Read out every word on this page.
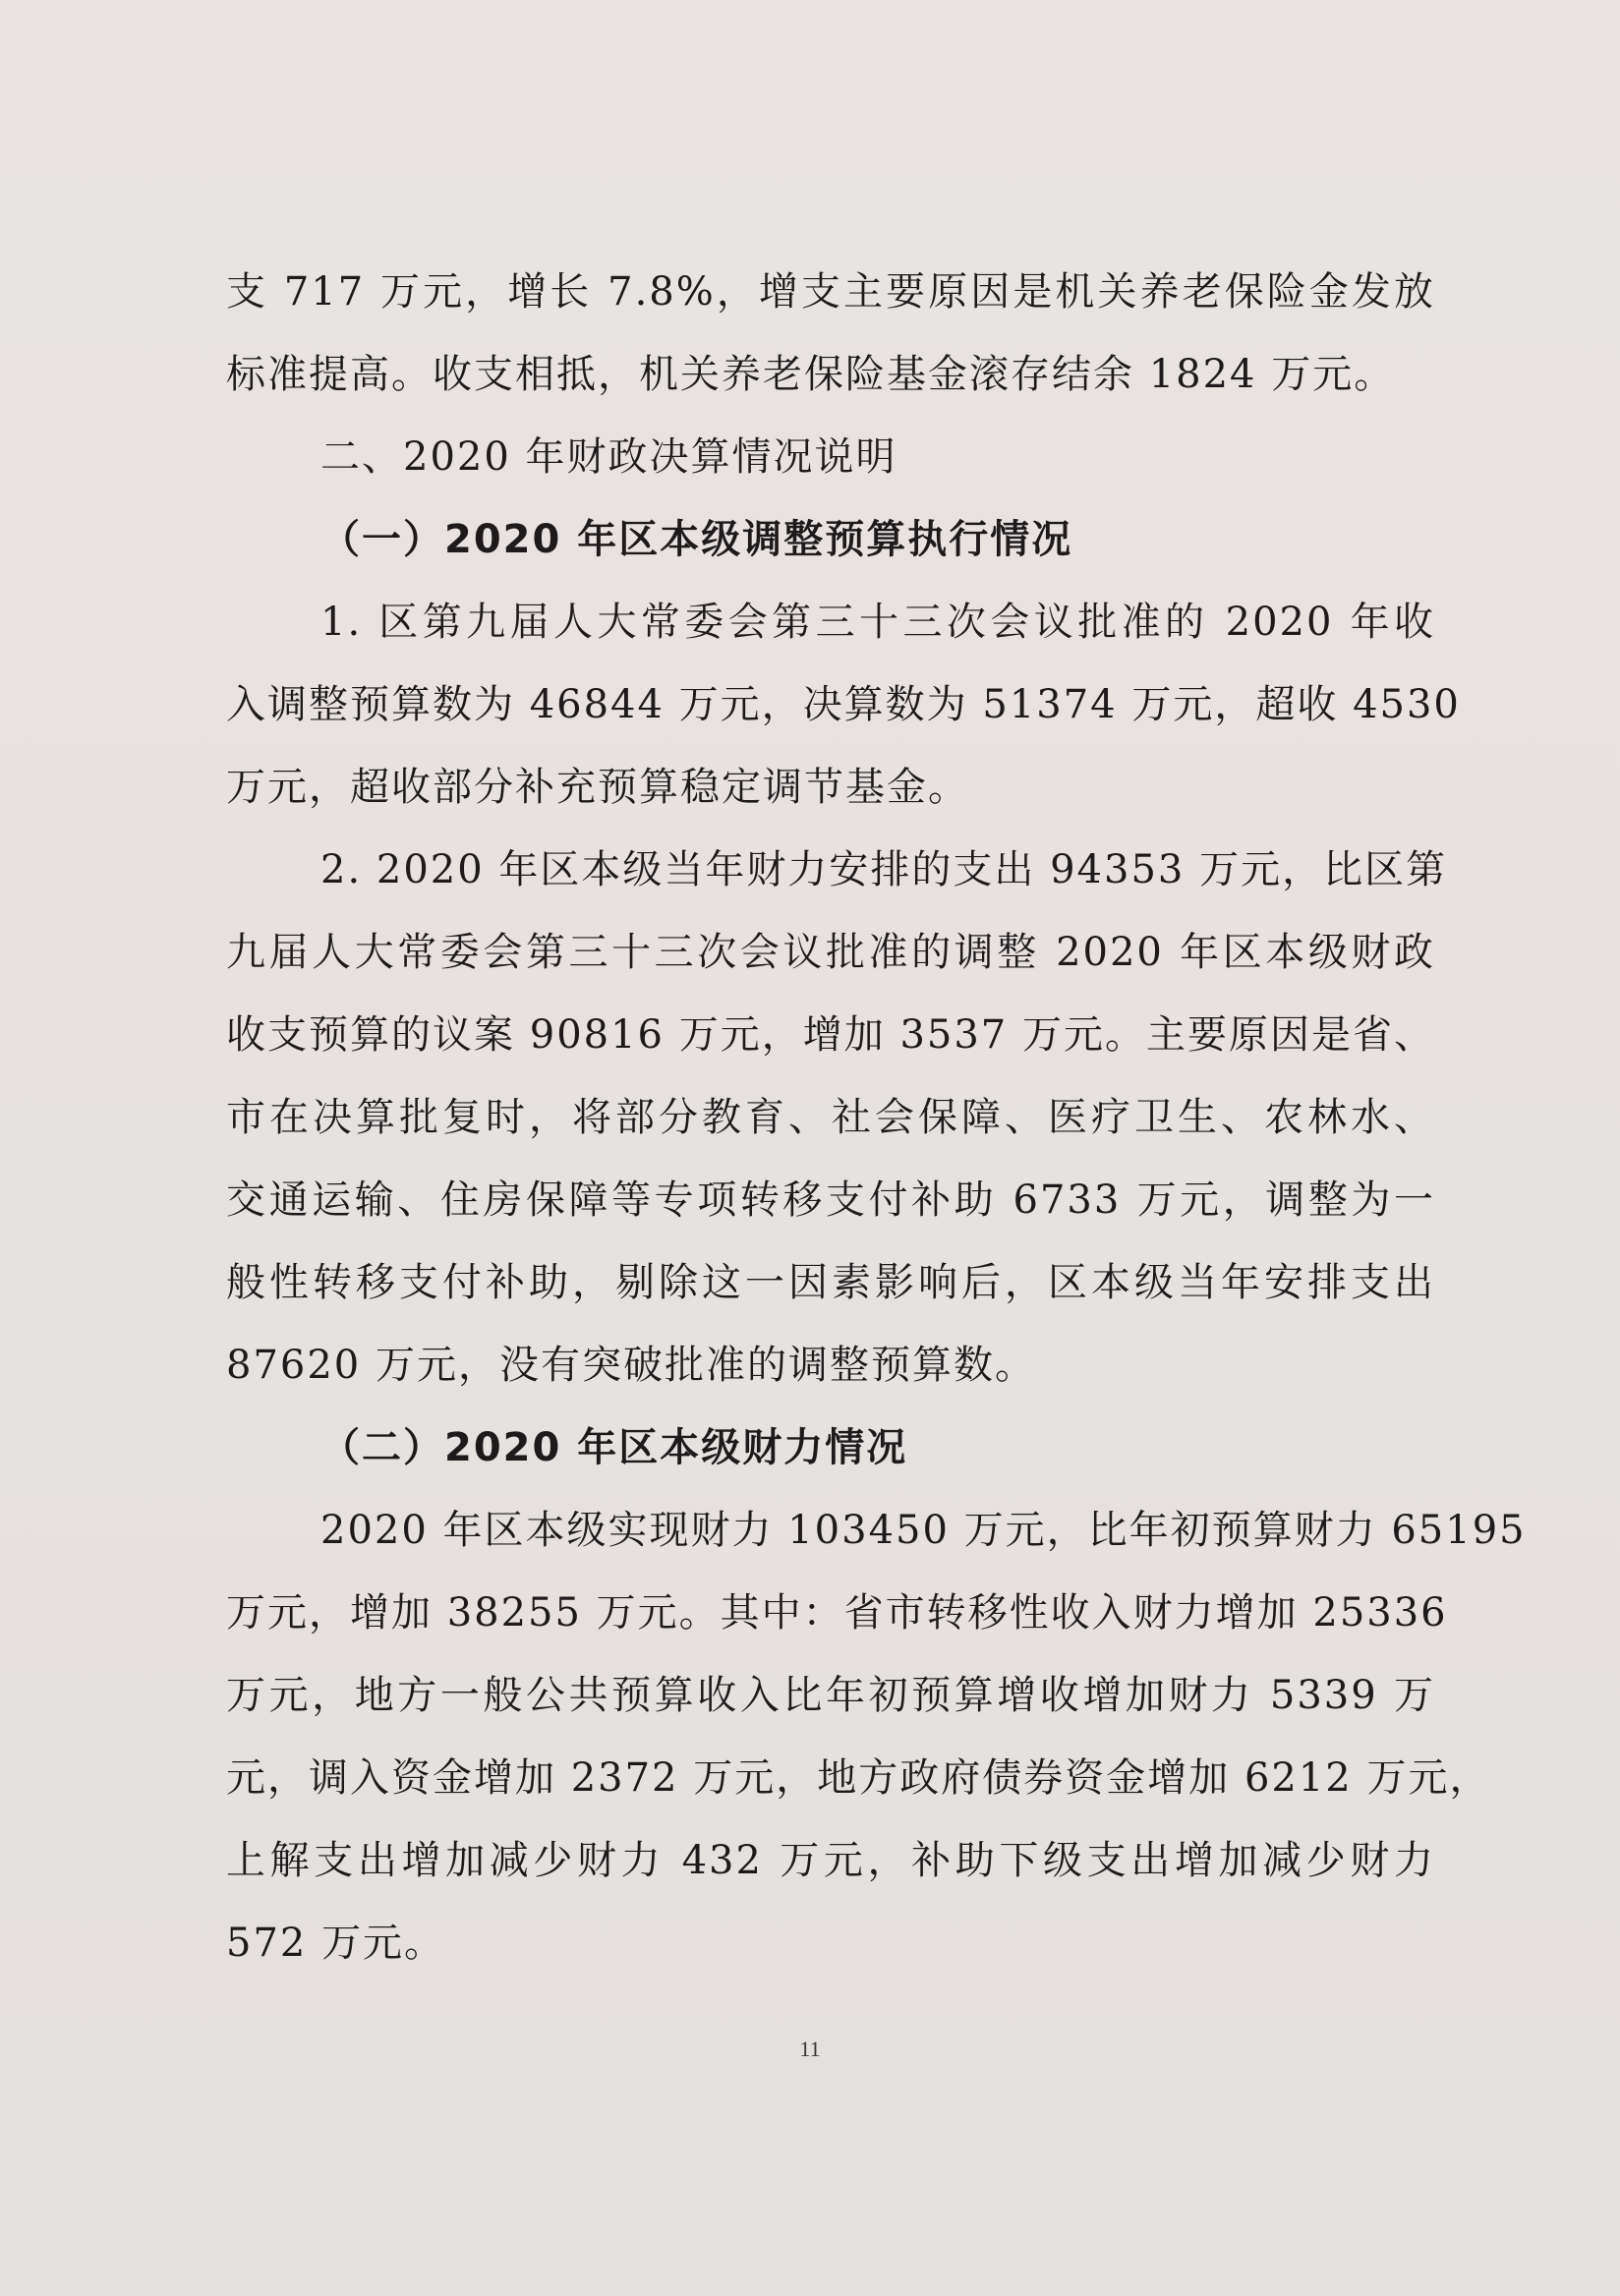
支 717 万元，增长 7.8%，增支主要原因是机关养老保险金发放
标准提高。收支相抵，机关养老保险基金滚存结余 1824 万元。
二、2020 年财政决算情况说明
（一）2020 年区本级调整预算执行情况
1. 区第九届人大常委会第三十三次会议批准的 2020 年收
入调整预算数为 46844 万元，决算数为 51374 万元，超收 4530
万元，超收部分补充预算稳定调节基金。
2. 2020 年区本级当年财力安排的支出 94353 万元，比区第
九届人大常委会第三十三次会议批准的调整 2020 年区本级财政
收支预算的议案 90816 万元，增加 3537 万元。主要原因是省、
市在决算批复时，将部分教育、社会保障、医疗卫生、农林水、
交通运输、住房保障等专项转移支付补助 6733 万元，调整为一
般性转移支付补助，剔除这一因素影响后，区本级当年安排支出
87620 万元，没有突破批准的调整预算数。
（二）2020 年区本级财力情况
2020 年区本级实现财力 103450 万元，比年初预算财力 65195
万元，增加 38255 万元。其中：省市转移性收入财力增加 25336
万元，地方一般公共预算收入比年初预算增收增加财力 5339 万
元，调入资金增加 2372 万元，地方政府债券资金增加 6212 万元，
上解支出增加减少财力 432 万元，补助下级支出增加减少财力
572 万元。
11
